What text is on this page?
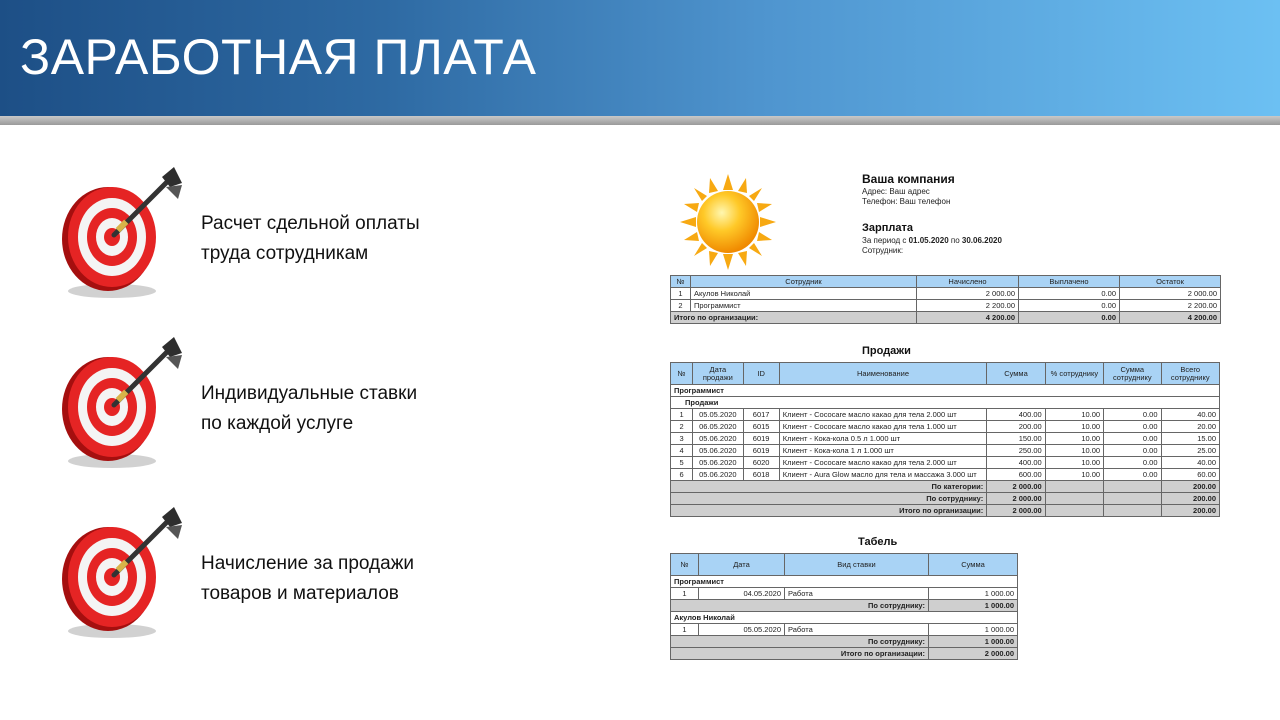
ЗАРАБОТНАЯ ПЛАТА
Расчет сдельной оплаты
труда сотрудникам
Индивидуальные ставки
по каждой услуге
Начисление за продажи
товаров и материалов
Ваша компания
Адрес: Ваш адрес
Телефон: Ваш телефон
Зарплата
За период с 01.05.2020 по 30.06.2020
Сотрудник:
№	Сотрудник	Начислено	Выплачено	Остаток
1	Акулов Николай	2 000.00	0.00	2 000.00
2	Программист	2 200.00	0.00	2 200.00
Итого по организации:		4 200.00	0.00	4 200.00
Продажи
№	Дата продажи	ID	Наименование	Сумма	% сотруднику	Сумма сотруднику	Всего сотруднику
Программист							
Продажи							
1	05.05.2020	6017	Клиент - Cococare масло какао для тела 2.000 шт	400.00	10.00	0.00	40.00
2	06.05.2020	6015	Клиент - Cococare масло какао для тела 1.000 шт	200.00	10.00	0.00	20.00
3	05.06.2020	6019	Клиент - Кока-кола 0.5 л 1.000 шт	150.00	10.00	0.00	15.00
4	05.06.2020	6019	Клиент - Кока-кола 1 л 1.000 шт	250.00	10.00	0.00	25.00
5	05.06.2020	6020	Клиент - Cococare масло какао для тела 2.000 шт	400.00	10.00	0.00	40.00
6	05.06.2020	6018	Клиент - Aura Glow масло для тела и массажа 3.000 шт	600.00	10.00	0.00	60.00
По категории:				2 000.00			200.00
По сотруднику:				2 000.00			200.00
Итого по организации:				2 000.00			200.00
Табель
№	Дата	Вид ставки	Сумма
Программист			
1	04.05.2020	Работа	1 000.00
По сотруднику:			1 000.00
Акулов Николай			
1	05.05.2020	Работа	1 000.00
По сотруднику:			1 000.00
Итого по организации:			2 000.00
